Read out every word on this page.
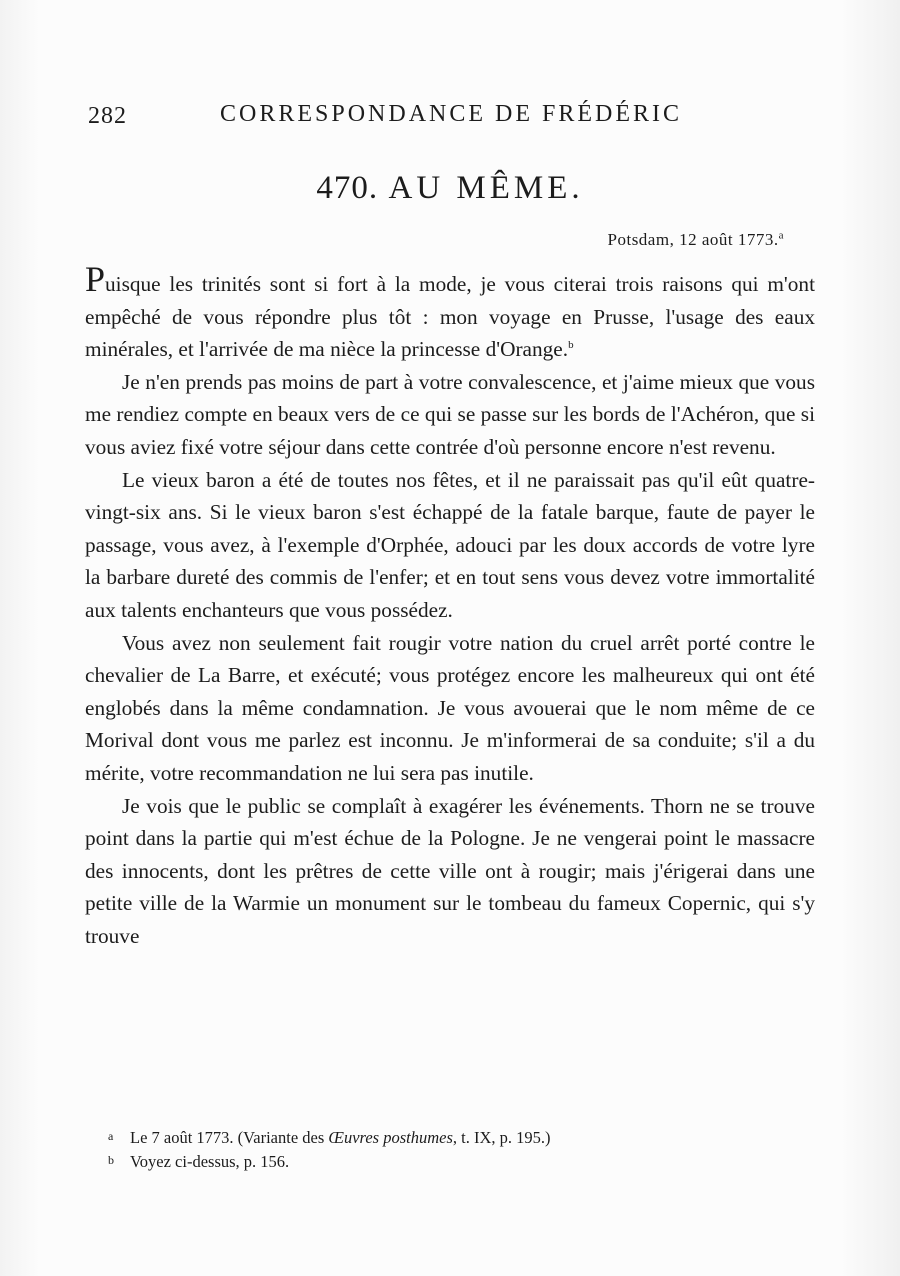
282	CORRESPONDANCE DE FRÉDÉRIC
470. AU MÊME.
Potsdam, 12 août 1773.$^a$

Puisque les trinités sont si fort à la mode, je vous citerai trois raisons qui m'ont empêché de vous répondre plus tôt : mon voyage en Prusse, l'usage des eaux minérales, et l'arrivée de ma nièce la princesse d'Orange.$^b$

Je n'en prends pas moins de part à votre convalescence, et j'aime mieux que vous me rendiez compte en beaux vers de ce qui se passe sur les bords de l'Achéron, que si vous aviez fixé votre séjour dans cette contrée d'où personne encore n'est revenu.

Le vieux baron a été de toutes nos fêtes, et il ne paraissait pas qu'il eût quatre-vingt-six ans. Si le vieux baron s'est échappé de la fatale barque, faute de payer le passage, vous avez, à l'exemple d'Orphée, adouci par les doux accords de votre lyre la barbare dureté des commis de l'enfer; et en tout sens vous devez votre immortalité aux talents enchanteurs que vous possédez.

Vous avez non seulement fait rougir votre nation du cruel arrêt porté contre le chevalier de La Barre, et exécuté; vous protégez encore les malheureux qui ont été englobés dans la même condamnation. Je vous avouerai que le nom même de ce Morival dont vous me parlez est inconnu. Je m'informerai de sa conduite; s'il a du mérite, votre recommandation ne lui sera pas inutile.

Je vois que le public se complaît à exagérer les événements. Thorn ne se trouve point dans la partie qui m'est échue de la Pologne. Je ne vengerai point le massacre des innocents, dont les prêtres de cette ville ont à rougir; mais j'érigerai dans une petite ville de la Warmie un monument sur le tombeau du fameux Copernic, qui s'y trouve

a Le 7 août 1773. (Variante des Œuvres posthumes, t. IX, p. 195.)

b Voyez ci-dessus, p. 156.
